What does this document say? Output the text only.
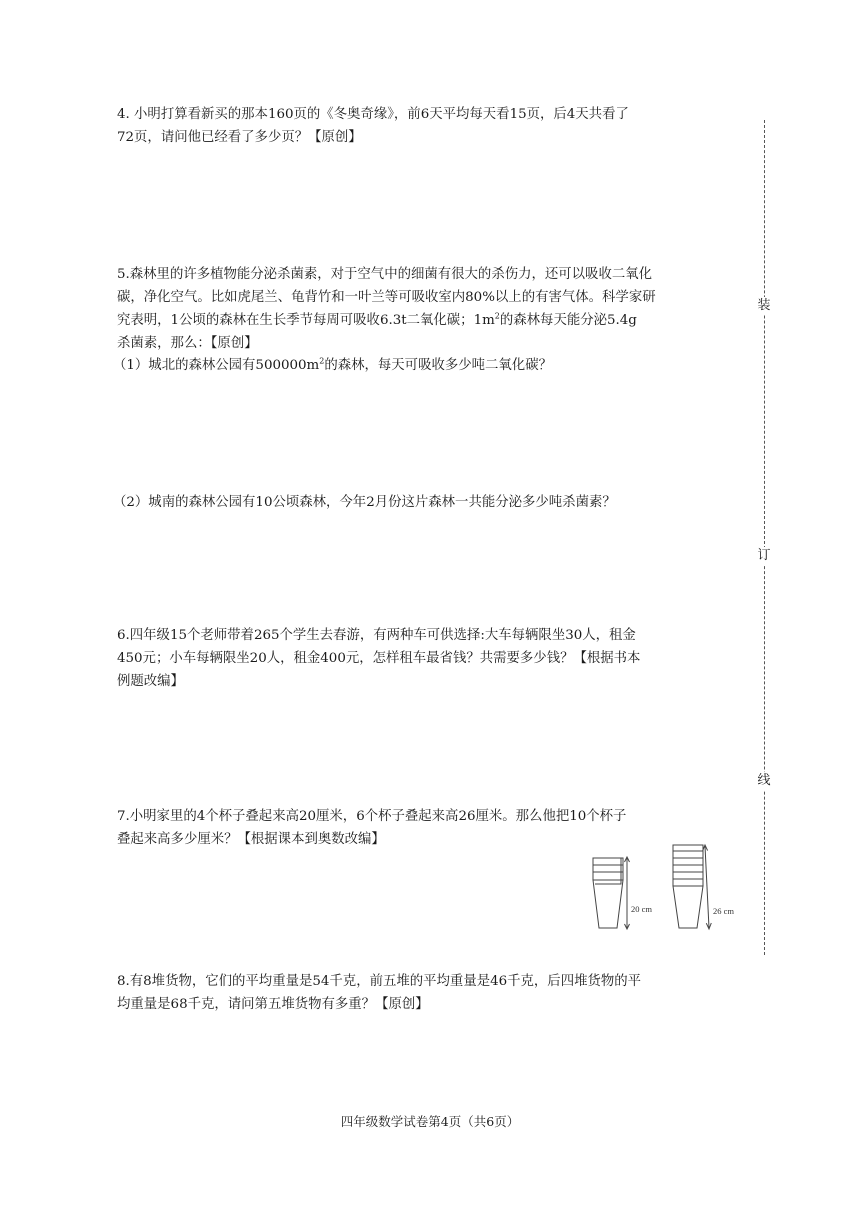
4. 小明打算看新买的那本160页的《冬奥奇缘》，前6天平均每天看15页，后4天共看了

72页，请问他已经看了多少页？【原创】

5.森林里的许多植物能分泌杀菌素，对于空气中的细菌有很大的杀伤力，还可以吸收二氧化

碳，净化空气。比如虎尾兰、龟背竹和一叶兰等可吸收室内80%以上的有害气体。科学家研

究表明，1公顷的森林在生长季节每周可吸收6.3t二氧化碳；$1m^2$的森林每天能分泌5.4g

杀菌素，那么：【原创】

（1）城北的森林公园有$500000m^2$的森林，每天可吸收多少吨二氧化碳？
（2）城南的森林公园有10公顷森林，今年2月份这片森林一共能分泌多少吨杀菌素？

6.四年级15个老师带着265个学生去春游，有两种车可供选择:大车每辆限坐30人，租金

450元；小车每辆限坐20人，租金400元，怎样租车最省钱？共需要多少钱？【根据书本

例题改编】

7.小明家里的4个杯子叠起来高20厘米，6个杯子叠起来高26厘米。那么他把10个杯子

叠起来高多少厘米？【根据课本到奥数改编】

20 cm	26 cm

8.有8堆货物，它们的平均重量是54千克，前五堆的平均重量是46千克，后四堆货物的平

均重量是68千克，请问第五堆货物有多重？【原创】

装
订
线
四年级数学试卷第4页（共6页）
